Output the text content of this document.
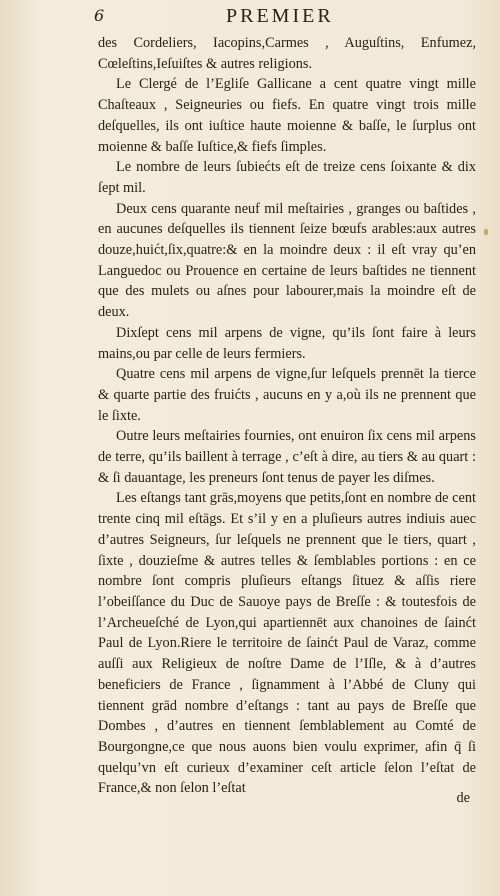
6	PREMIER

des Cordeliers, Iacopins,Carmes , Auguſtins, Enfumez, Cœleſtins,Ieſuiſtes & autres religions.

Le Clergé de l’Egliſe Gallicane a cent quatre vingt mille Chaſteaux , Seigneuries ou fiefs. En quatre vingt trois mille deſquelles, ils ont iuſtice haute moienne & baſſe, le ſurplus ont moienne & baſſe Iuſtice,& fiefs ſimples.

Le nombre de leurs ſubiećts eſt de treize cens ſoixante & dix ſept mil.

Deux cens quarante neuf mil meſtairies , granges ou baſtides , en aucunes deſquelles ils tiennent ſeize bœufs arables:aux autres douze,huićt,ſix,quatre:& en la moindre deux : il eſt vray qu’en Languedoc ou Prouence en certaine de leurs baſtides ne tiennent que des mulets ou aſnes pour labourer,mais la moindre eſt de deux.

Dixſept cens mil arpens de vigne, qu’ils ſont faire à leurs mains,ou par celle de leurs fermiers.

Quatre cens mil arpens de vigne,ſur leſquels prennēt la tierce & quarte partie des fruićts , aucuns en y a,où ils ne prennent que le ſixte.

Outre leurs meſtairies fournies, ont enuiron ſix cens mil arpens de terre, qu’ils baillent à terrage , c’eſt à dire, au tiers & au quart : & ſi dauantage, les preneurs ſont tenus de payer les diſmes.

Les eſtangs tant grās,moyens que petits,ſont en nombre de cent trente cinq mil eſtāgs. Et s’il y en a pluſieurs autres indiuis auec d’autres Seigneurs, ſur leſquels ne prennent que le tiers, quart , ſixte , douzieſme & autres telles & ſemblables portions : en ce nombre ſont compris pluſieurs eſtangs ſituez & aſſis riere l’obeiſſance du Duc de Sauoye pays de Breſſe : & toutesfois de l’Archeueſché de Lyon,qui apartiennēt aux chanoines de ſainćt Paul de Lyon.Riere le territoire de ſainćt Paul de Varaz, comme auſſi aux Religieux de noſtre Dame de l’Iſle, & à d’autres beneficiers de France , ſignamment à l’Abbé de Cluny qui tiennent grād nombre d’eſtangs : tant au pays de Breſſe que Dombes , d’autres en tiennent ſemblablement au Comté de Bourgongne,ce que nous auons bien voulu exprimer, afin q̄ ſi quelqu’vn eſt curieux d’examiner ceſt article ſelon l’eſtat de France,& non ſelon l’eſtat

de
